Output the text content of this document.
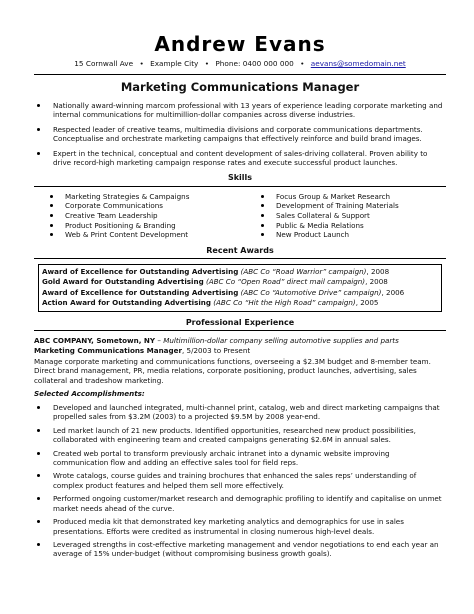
Andrew Evans
15 Cornwall Ave • Example City • Phone: 0400 000 000 • aevans@somedomain.net
Marketing Communications Manager
Nationally award-winning marcom professional with 13 years of experience leading corporate marketing and internal communications for multimillion-dollar companies across diverse industries.
Respected leader of creative teams, multimedia divisions and corporate communications departments. Conceptualise and orchestrate marketing campaigns that effectively reinforce and build brand images.
Expert in the technical, conceptual and content development of sales-driving collateral. Proven ability to drive record-high marketing campaign response rates and execute successful product launches.
Skills
Marketing Strategies & Campaigns
Corporate Communications
Creative Team Leadership
Product Positioning & Branding
Web & Print Content Development
Focus Group & Market Research
Development of Training Materials
Sales Collateral & Support
Public & Media Relations
New Product Launch
Recent Awards
Award of Excellence for Outstanding Advertising (ABC Co “Road Warrior” campaign), 2008
Gold Award for Outstanding Advertising (ABC Co “Open Road” direct mail campaign), 2008
Award of Excellence for Outstanding Advertising (ABC Co “Automotive Drive” campaign), 2006
Action Award for Outstanding Advertising (ABC Co “Hit the High Road” campaign), 2005
Professional Experience
ABC COMPANY, Sometown, NY – Multimillion-dollar company selling automotive supplies and parts
Marketing Communications Manager, 5/2003 to Present
Manage corporate marketing and communications functions, overseeing a $2.3M budget and 8-member team. Direct brand management, PR, media relations, corporate positioning, product launches, advertising, sales collateral and tradeshow marketing.
Selected Accomplishments:
Developed and launched integrated, multi-channel print, catalog, web and direct marketing campaigns that propelled sales from $3.2M (2003) to a projected $9.5M by 2008 year-end.
Led market launch of 21 new products. Identified opportunities, researched new product possibilities, collaborated with engineering team and created campaigns generating $2.6M in annual sales.
Created web portal to transform previously archaic intranet into a dynamic website improving communication flow and adding an effective sales tool for field reps.
Wrote catalogs, course guides and training brochures that enhanced the sales reps’ understanding of complex product features and helped them sell more effectively.
Performed ongoing customer/market research and demographic profiling to identify and capitalise on unmet market needs ahead of the curve.
Produced media kit that demonstrated key marketing analytics and demographics for use in sales presentations. Efforts were credited as instrumental in closing numerous high-level deals.
Leveraged strengths in cost-effective marketing management and vendor negotiations to end each year an average of 15% under-budget (without compromising business growth goals).
